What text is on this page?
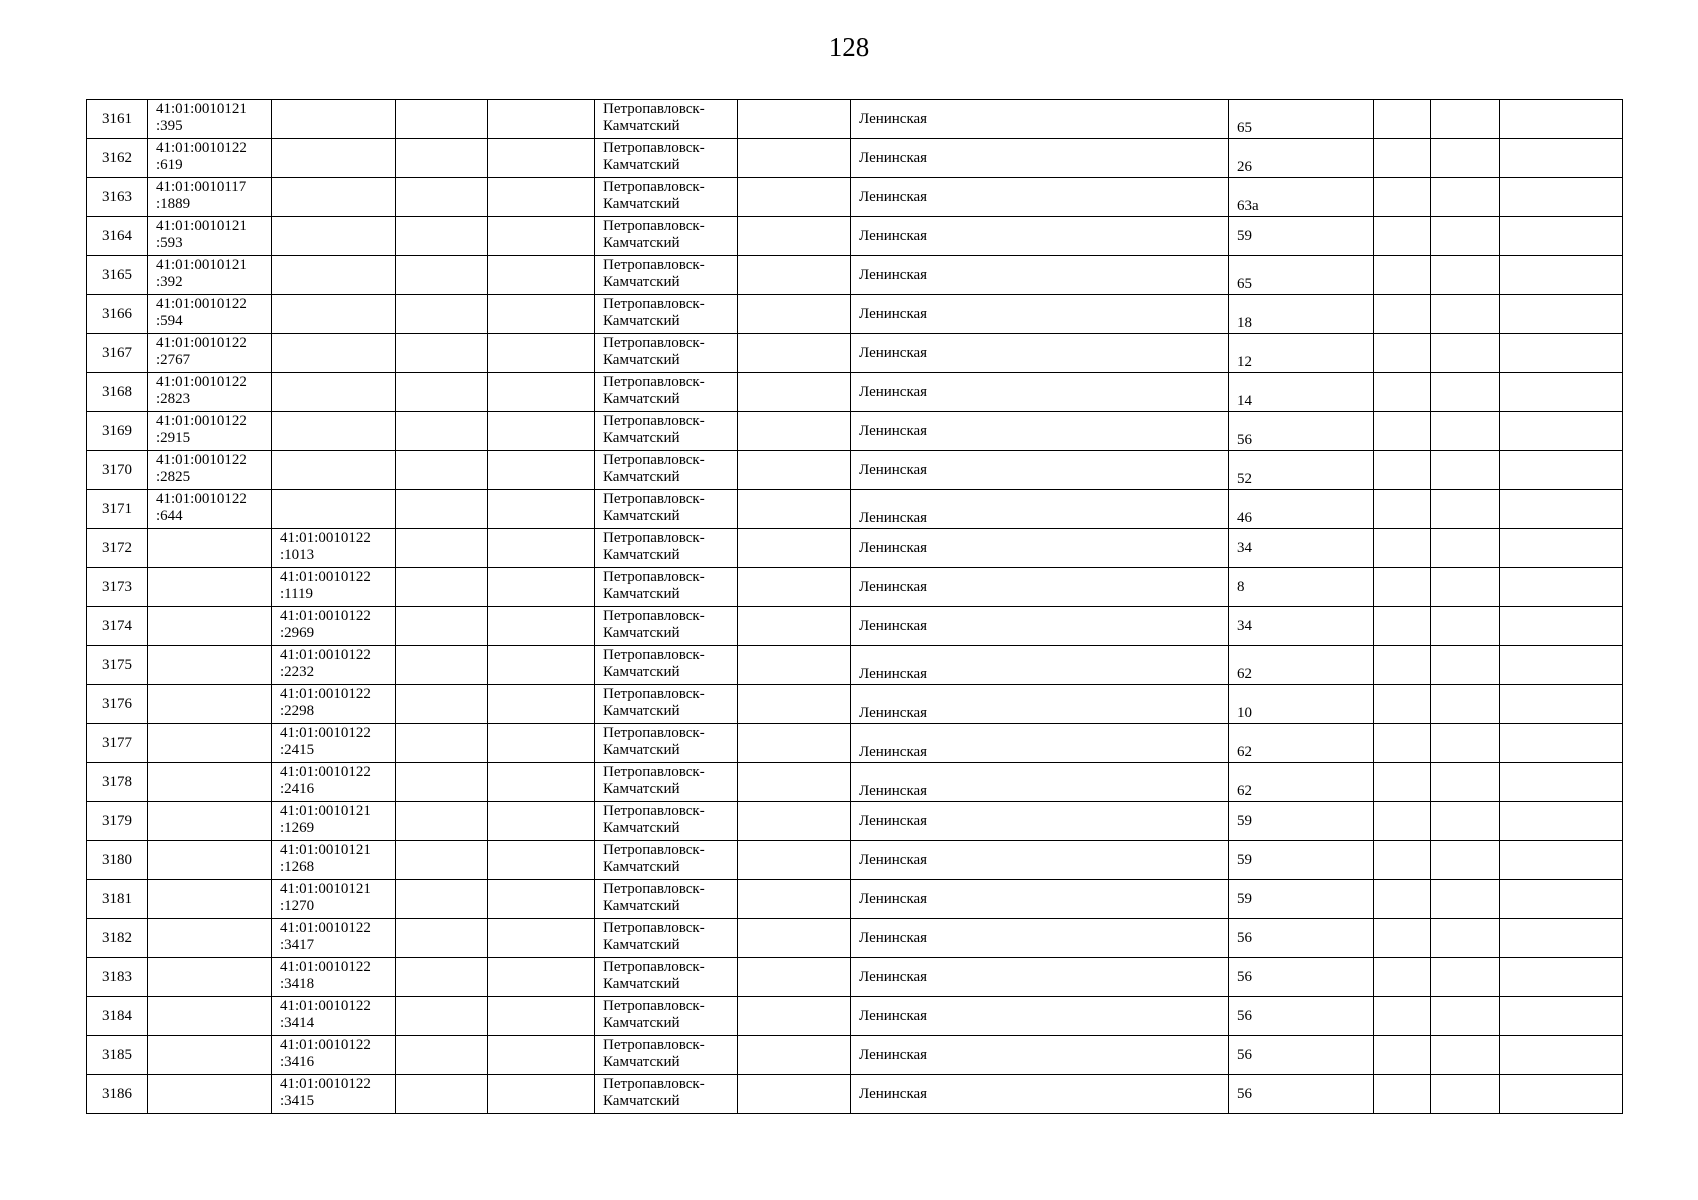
128
3161	41:01:0010121
:395				Петропавловск-
Камчатский		Ленинская	65			
3162	41:01:0010122
:619				Петропавловск-
Камчатский		Ленинская	26			
3163	41:01:0010117
:1889				Петропавловск-
Камчатский		Ленинская	63а			
3164	41:01:0010121
:593				Петропавловск-
Камчатский		Ленинская	59			
3165	41:01:0010121
:392				Петропавловск-
Камчатский		Ленинская	65			
3166	41:01:0010122
:594				Петропавловск-
Камчатский		Ленинская	18			
3167	41:01:0010122
:2767				Петропавловск-
Камчатский		Ленинская	12			
3168	41:01:0010122
:2823				Петропавловск-
Камчатский		Ленинская	14			
3169	41:01:0010122
:2915				Петропавловск-
Камчатский		Ленинская	56			
3170	41:01:0010122
:2825				Петропавловск-
Камчатский		Ленинская	52			
3171	41:01:0010122
:644				Петропавловск-
Камчатский		Ленинская	46			
3172		41:01:0010122
:1013			Петропавловск-
Камчатский		Ленинская	34			
3173		41:01:0010122
:1119			Петропавловск-
Камчатский		Ленинская	8			
3174		41:01:0010122
:2969			Петропавловск-
Камчатский		Ленинская	34			
3175		41:01:0010122
:2232			Петропавловск-
Камчатский		Ленинская	62			
3176		41:01:0010122
:2298			Петропавловск-
Камчатский		Ленинская	10			
3177		41:01:0010122
:2415			Петропавловск-
Камчатский		Ленинская	62			
3178		41:01:0010122
:2416			Петропавловск-
Камчатский		Ленинская	62			
3179		41:01:0010121
:1269			Петропавловск-
Камчатский		Ленинская	59			
3180		41:01:0010121
:1268			Петропавловск-
Камчатский		Ленинская	59			
3181		41:01:0010121
:1270			Петропавловск-
Камчатский		Ленинская	59			
3182		41:01:0010122
:3417			Петропавловск-
Камчатский		Ленинская	56			
3183		41:01:0010122
:3418			Петропавловск-
Камчатский		Ленинская	56			
3184		41:01:0010122
:3414			Петропавловск-
Камчатский		Ленинская	56			
3185		41:01:0010122
:3416			Петропавловск-
Камчатский		Ленинская	56			
3186		41:01:0010122
:3415			Петропавловск-
Камчатский		Ленинская	56			
